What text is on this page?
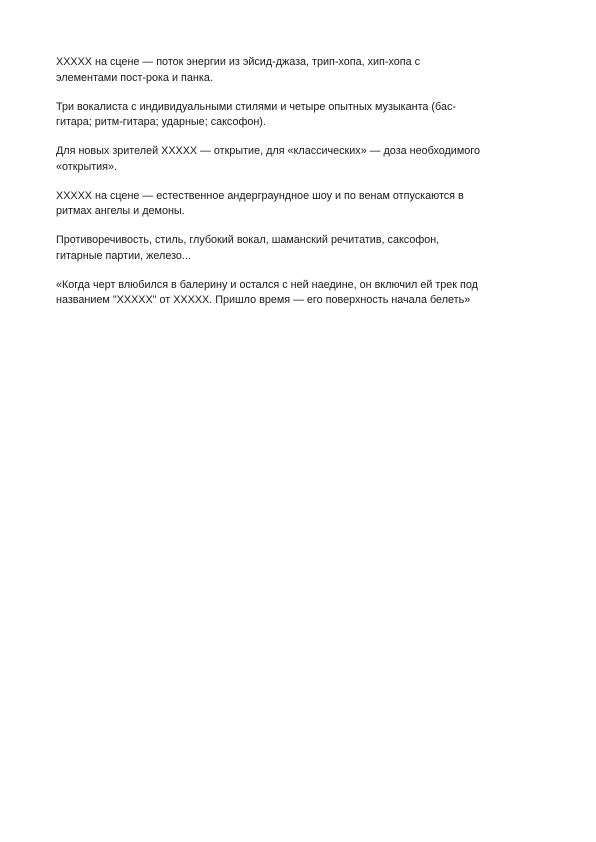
XXXXX на сцене — поток энергии из эйсид-джаза, трип-хопа, хип-хопа с
элементами пост-рока и панка.

Три вокалиста с индивидуальными стилями и четыре опытных музыканта (бас-
гитара; ритм-гитара; ударные; саксофон).

Для новых зрителей XXXXX — открытие, для «классических» — доза необходимого
«открытия».

XXXXX на сцене — естественное андерграундное шоу и по венам отпускаются в
ритмах ангелы и демоны.

Противоречивость, стиль, глубокий вокал, шаманский речитатив, саксофон,
гитарные партии, железо...

«Когда черт влюбился в балерину и остался с ней наедине, он включил ей трек под
названием "XXXXX" от XXXXX. Пришло время — его поверхность начала белеть»
